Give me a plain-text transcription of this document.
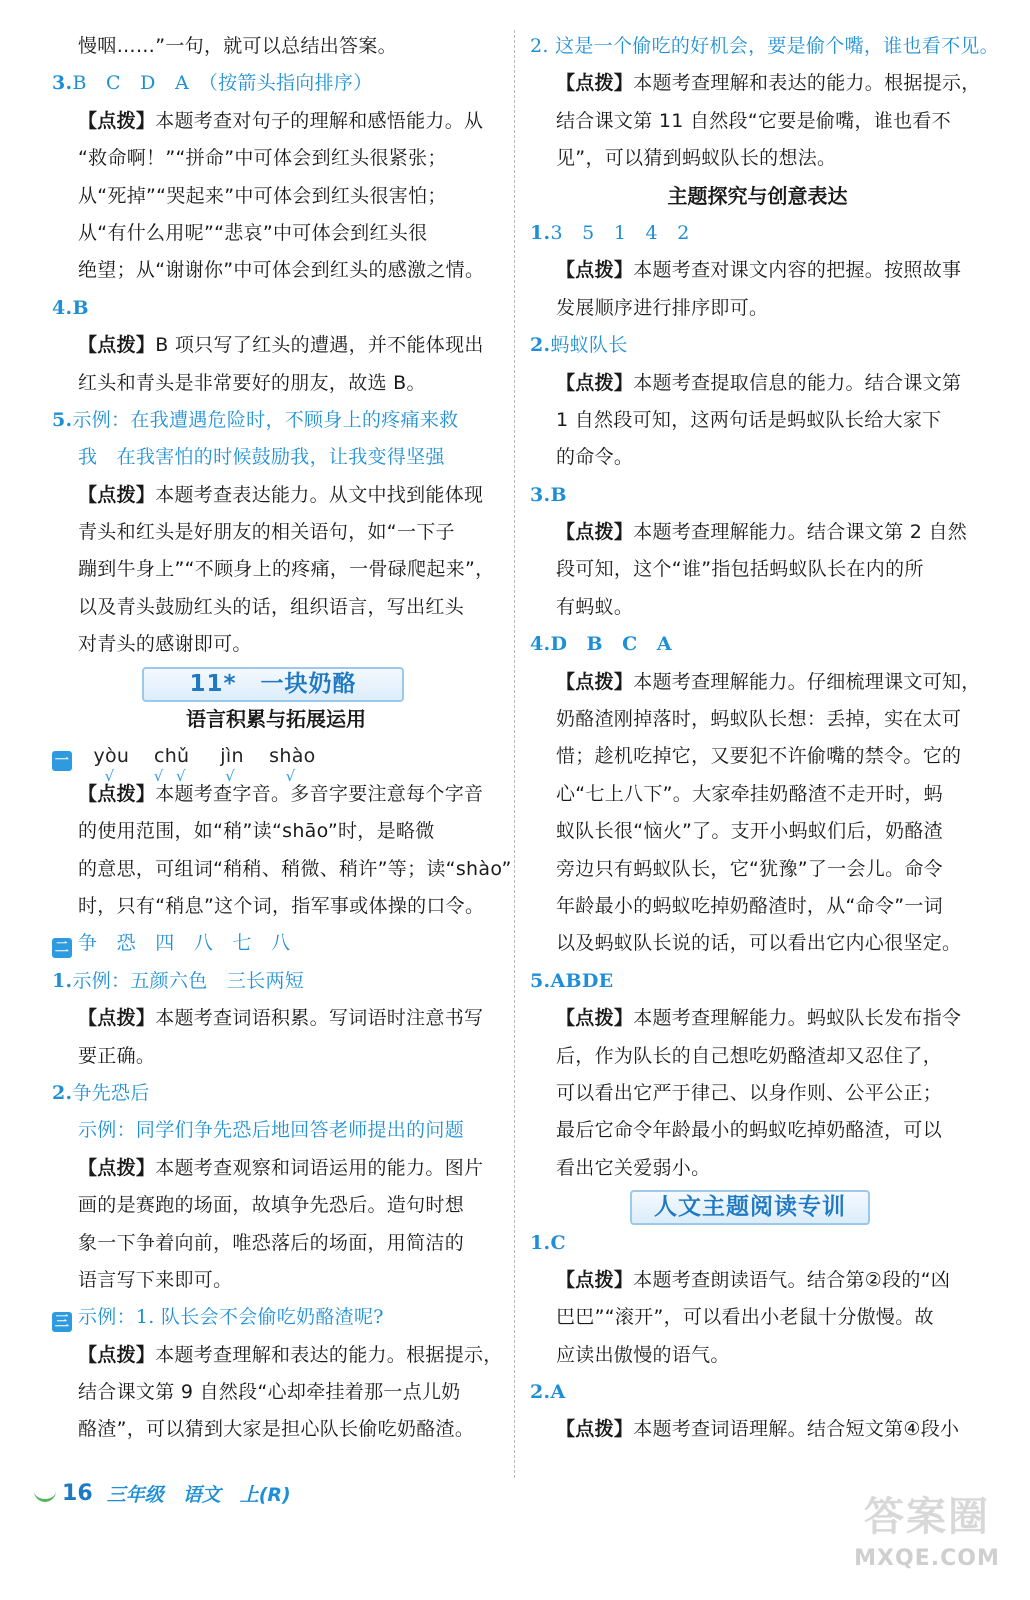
慢咽……”一句，就可以总结出答案。
3.B　C　D　A　（按箭头指向排序）
【点拨】本题考查对句子的理解和感悟能力。从
“救命啊！”“拼命”中可体会到红头很紧张；
从“死掉”“哭起来”中可体会到红头很害怕；
从“有什么用呢”“悲哀”中可体会到红头很
绝望；从“谢谢你”中可体会到红头的感激之情。
4.B
【点拨】B 项只写了红头的遭遇，并不能体现出
红头和青头是非常要好的朋友，故选 B。
5.示例：在我遭遇危险时，不顾身上的疼痛来救
我　在我害怕的时候鼓励我，让我变得坚强
【点拨】本题考查表达能力。从文中找到能体现
青头和红头是好朋友的相关语句，如“一下子
蹦到牛身上”“不顾身上的疼痛，一骨碌爬起来”，
以及青头鼓励红头的话，组织语言，写出红头
对青头的感谢即可。
11*　一块奶酪
语言积累与拓展运用
一 yòu
√
chǔ
√ √
jìn
√
shào
√
【点拨】本题考查字音。多音字要注意每个字音
的使用范围，如“稍”读“shāo”时，是略微
的意思，可组词“稍稍、稍微、稍许”等；读“shào”
时，只有“稍息”这个词，指军事或体操的口令。
二 争　恐　四　八　七　八
1.示例：五颜六色　三长两短
【点拨】本题考查词语积累。写词语时注意书写
要正确。
2.争先恐后
示例：同学们争先恐后地回答老师提出的问题
【点拨】本题考查观察和词语运用的能力。图片
画的是赛跑的场面，故填争先恐后。造句时想
象一下争着向前，唯恐落后的场面，用简洁的
语言写下来即可。
三 示例：1. 队长会不会偷吃奶酪渣呢?
【点拨】本题考查理解和表达的能力。根据提示，
结合课文第 9 自然段“心却牵挂着那一点儿奶
酪渣”，可以猜到大家是担心队长偷吃奶酪渣。
2. 这是一个偷吃的好机会，要是偷个嘴，谁也看不见。
【点拨】本题考查理解和表达的能力。根据提示，
结合课文第 11 自然段“它要是偷嘴，谁也看不
见”，可以猜到蚂蚁队长的想法。
主题探究与创意表达
1.3　5　1　4　2
【点拨】本题考查对课文内容的把握。按照故事
发展顺序进行排序即可。
2.蚂蚁队长
【点拨】本题考查提取信息的能力。结合课文第
1 自然段可知，这两句话是蚂蚁队长给大家下
的命令。
3.B
【点拨】本题考查理解能力。结合课文第 2 自然
段可知，这个“谁”指包括蚂蚁队长在内的所
有蚂蚁。
4.D　B　C　A
【点拨】本题考查理解能力。仔细梳理课文可知，
奶酪渣刚掉落时，蚂蚁队长想：丢掉，实在太可
惜；趁机吃掉它，又要犯不许偷嘴的禁令。它的
心“七上八下”。大家牵挂奶酪渣不走开时，蚂
蚁队长很“恼火”了。支开小蚂蚁们后，奶酪渣
旁边只有蚂蚁队长，它“犹豫”了一会儿。命令
年龄最小的蚂蚁吃掉奶酪渣时，从“命令”一词
以及蚂蚁队长说的话，可以看出它内心很坚定。
5.ABDE
【点拨】本题考查理解能力。蚂蚁队长发布指令
后，作为队长的自己想吃奶酪渣却又忍住了，
可以看出它严于律己、以身作则、公平公正；
最后它命令年龄最小的蚂蚁吃掉奶酪渣，可以
看出它关爱弱小。
人文主题阅读专训
1.C
【点拨】本题考查朗读语气。结合第②段的“凶
巴巴”“滚开”，可以看出小老鼠十分傲慢。故
应读出傲慢的语气。
2.A
【点拨】本题考查词语理解。结合短文第④段小
16 三年级　语文　上(R)	答案圈
MXQE.COM
